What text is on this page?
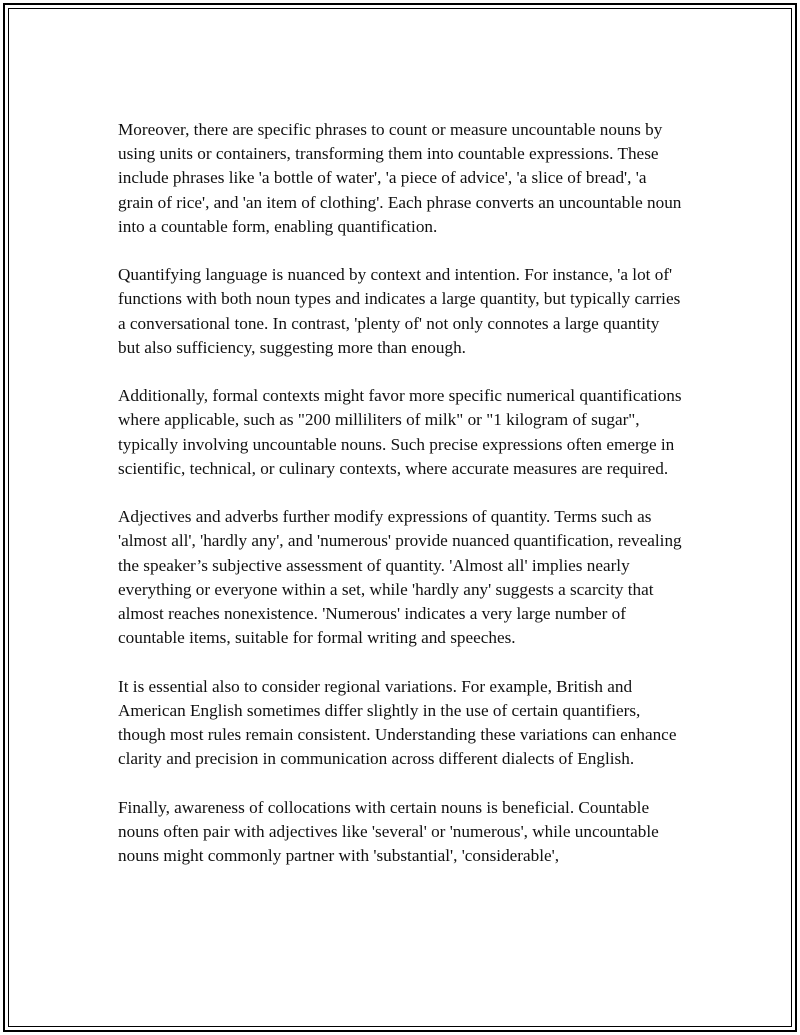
Moreover, there are specific phrases to count or measure uncountable nouns by using units or containers, transforming them into countable expressions. These include phrases like 'a bottle of water', 'a piece of advice', 'a slice of bread', 'a grain of rice', and 'an item of clothing'. Each phrase converts an uncountable noun into a countable form, enabling quantification.

Quantifying language is nuanced by context and intention. For instance, 'a lot of' functions with both noun types and indicates a large quantity, but typically carries a conversational tone. In contrast, 'plenty of' not only connotes a large quantity but also sufficiency, suggesting more than enough.

Additionally, formal contexts might favor more specific numerical quantifications where applicable, such as "200 milliliters of milk" or "1 kilogram of sugar", typically involving uncountable nouns. Such precise expressions often emerge in scientific, technical, or culinary contexts, where accurate measures are required.

Adjectives and adverbs further modify expressions of quantity. Terms such as 'almost all', 'hardly any', and 'numerous' provide nuanced quantification, revealing the speaker’s subjective assessment of quantity. 'Almost all' implies nearly everything or everyone within a set, while 'hardly any' suggests a scarcity that almost reaches nonexistence. 'Numerous' indicates a very large number of countable items, suitable for formal writing and speeches.

It is essential also to consider regional variations. For example, British and American English sometimes differ slightly in the use of certain quantifiers, though most rules remain consistent. Understanding these variations can enhance clarity and precision in communication across different dialects of English.

Finally, awareness of collocations with certain nouns is beneficial. Countable nouns often pair with adjectives like 'several' or 'numerous', while uncountable nouns might commonly partner with 'substantial', 'considerable',
